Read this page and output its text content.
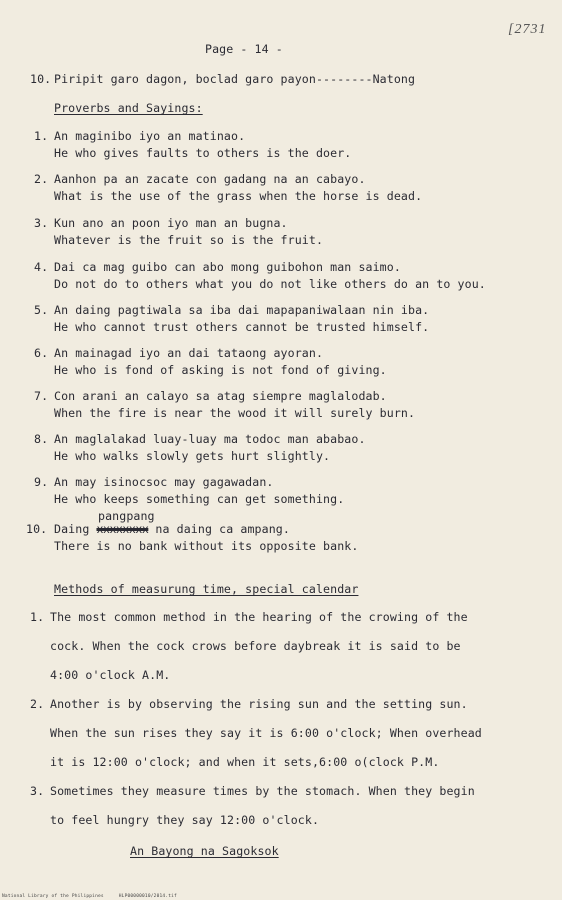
[2731
Page - 14 -
10. Piripit garo dagon, boclad garo payon--------Natong
Proverbs and Sayings:
1. An maginibo iyo an matinao.
He who gives faults to others is the doer.
2. Aanhon pa an zacate con gadang na an cabayo.
What is the use of the grass when the horse is dead.
3. Kun ano an poon iyo man an bugna.
Whatever is the fruit so is the fruit.
4. Dai ca mag guibo can abo mong guibohon man saimo.
Do not do to others what you do not like others do an to you.
5. An daing pagtiwala sa iba dai mapapaniwalaan nin iba.
He who cannot trust others cannot be trusted himself.
6. An mainagad iyo an dai tataong ayoran.
He who is fond of asking is not fond of giving.
7. Con arani an calayo sa atag siempre maglalodab.
When the fire is near the wood it will surely burn.
8. An maglalakad luay-luay ma todoc man ababao.
He who walks slowly gets hurt slightly.
9. An may isinocsoc may gagawadan.
He who keeps something can get something.
pangpang
10. Daing xxxxxxxx na daing ca ampang.
There is no bank without its opposite bank.
Methods of measurung time, special calendar
1. The most common method in the hearing of the crowing of the
cock. When the cock crows before daybreak it is said to be
4:00 o'clock A.M.
2. Another is by observing the rising sun and the setting sun.
When the sun rises they say it is 6:00 o'clock; When overhead
it is 12:00 o'clock; and when it sets,6:00 o(clock P.M.
3. Sometimes they measure times by the stomach. When they begin
to feel hungry they say 12:00 o'clock.
An Bayong na Sagoksok
National Library of the Philippines	HLP00000010/2014.tif
